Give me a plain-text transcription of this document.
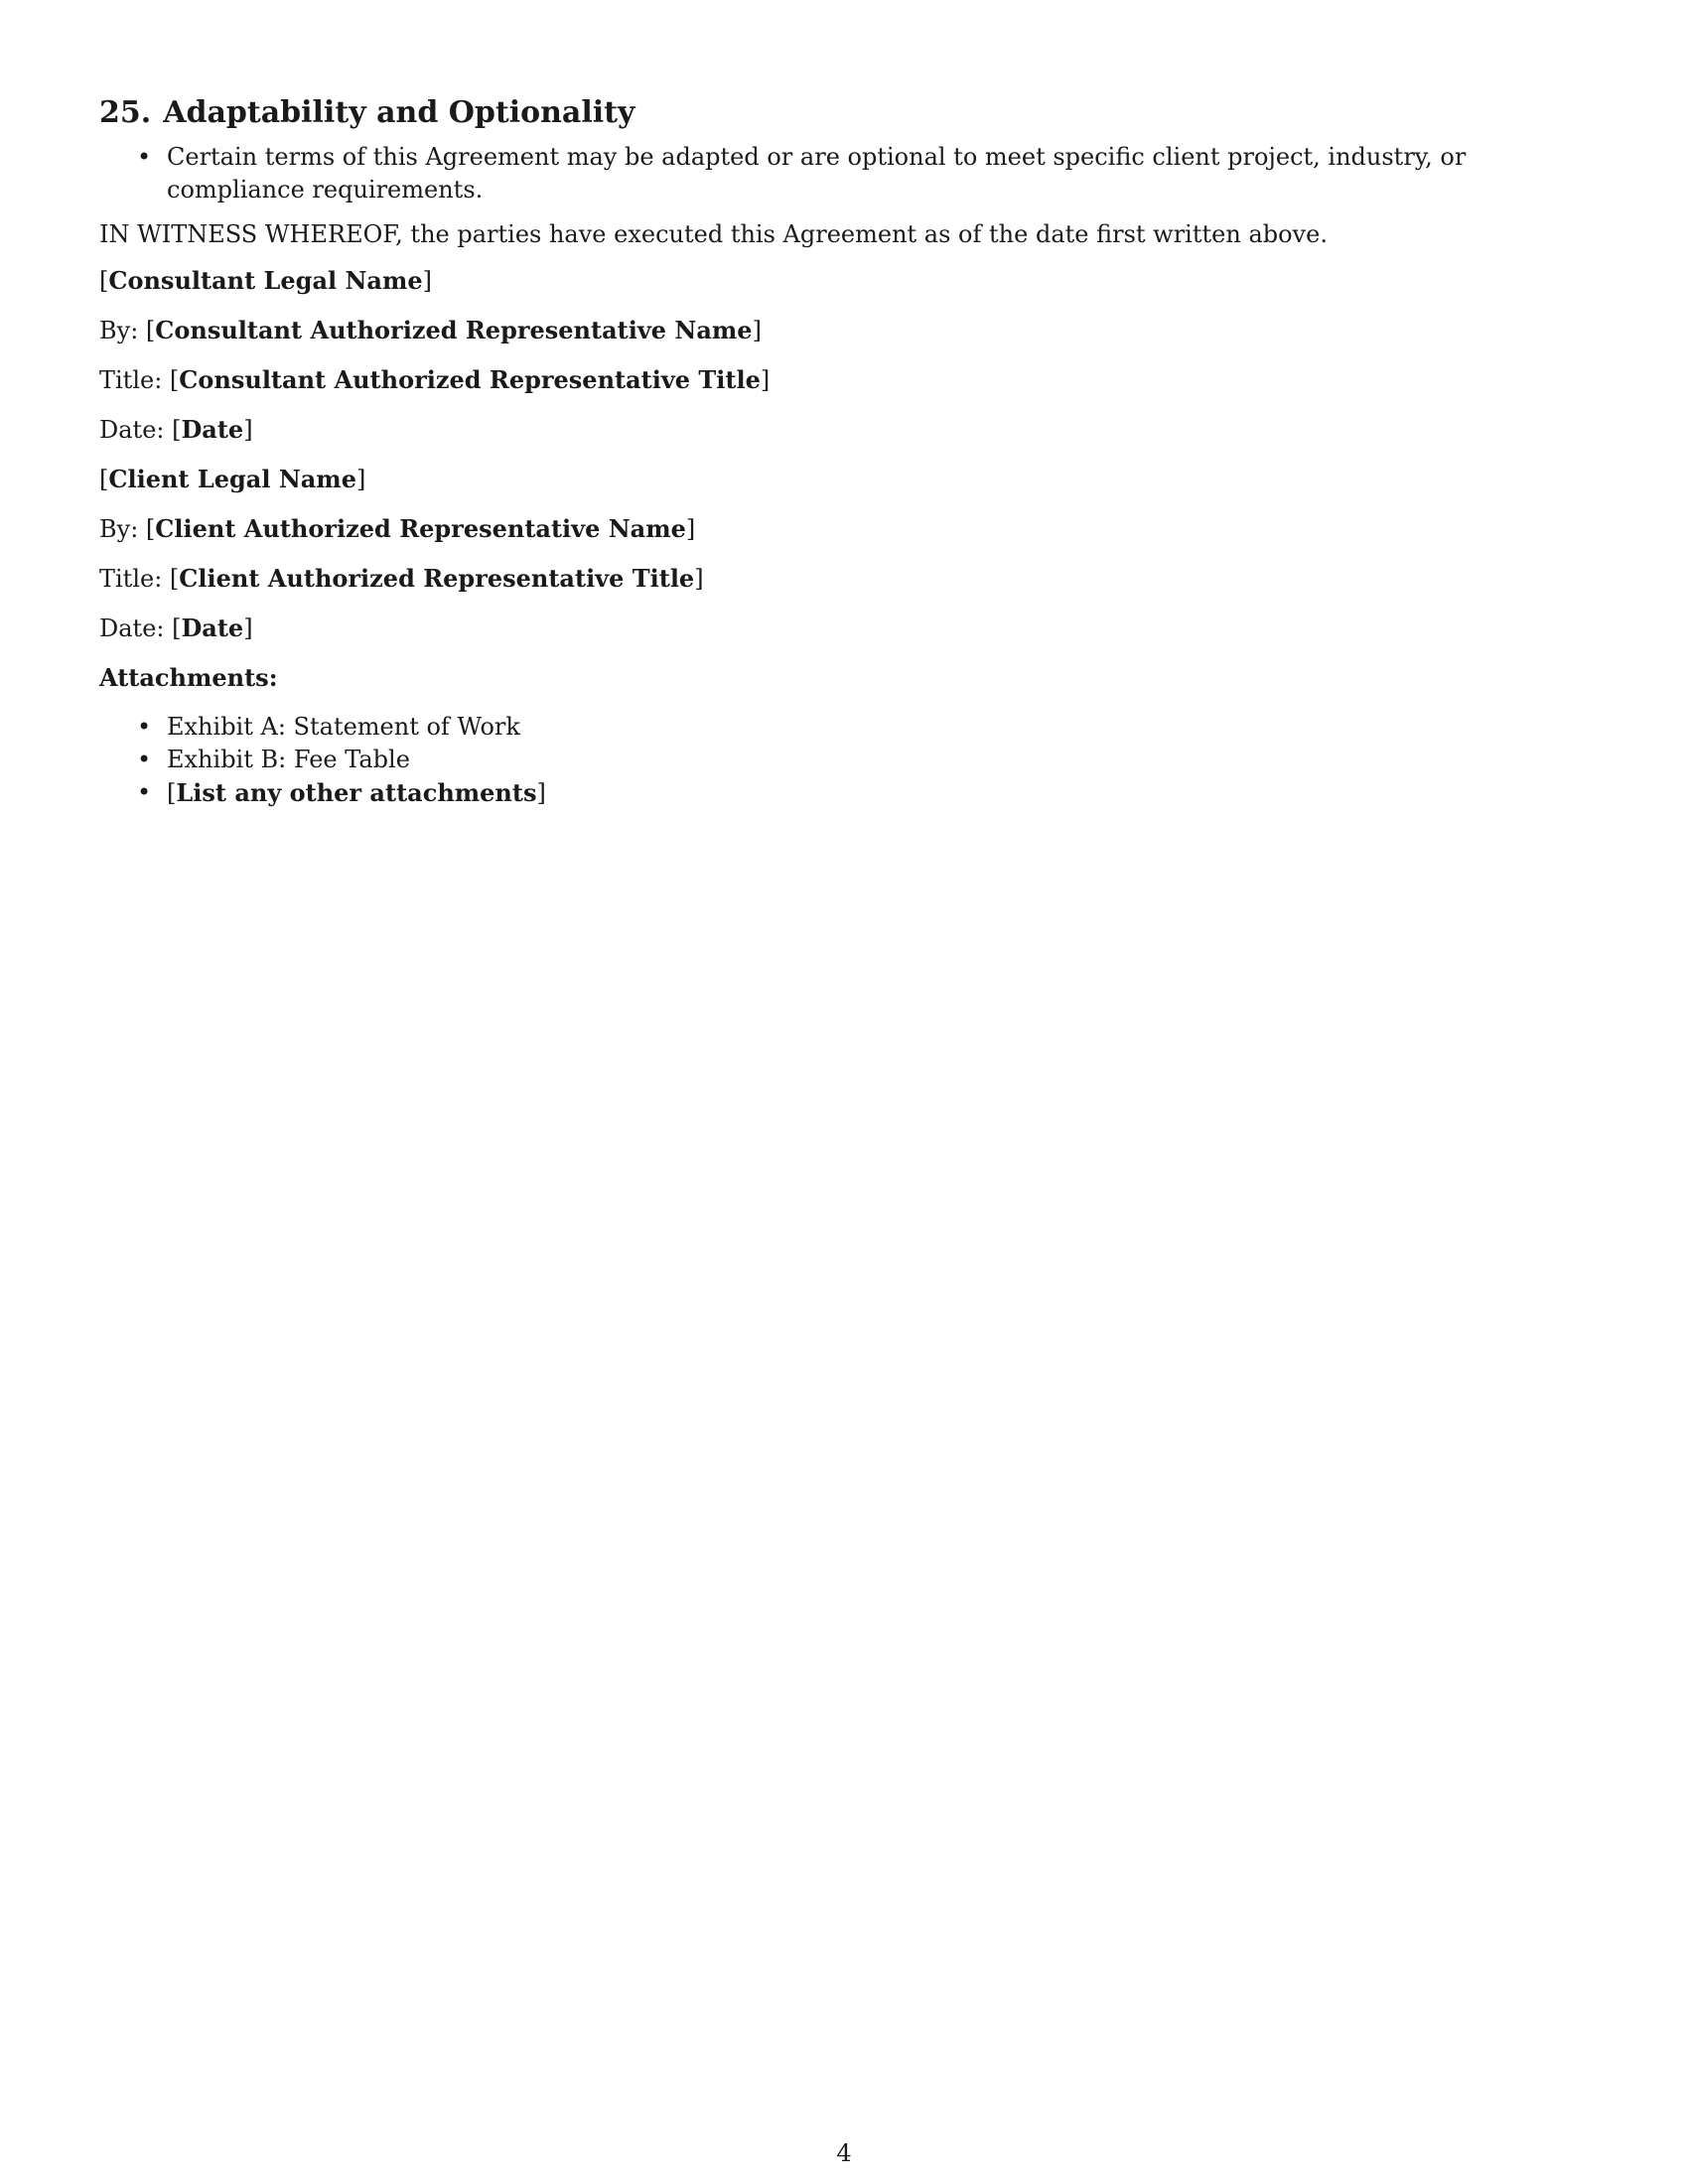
25. Adaptability and Optionality
• Certain terms of this Agreement may be adapted or are optional to meet specific client project, industry, or compliance requirements.

IN WITNESS WHEREOF, the parties have executed this Agreement as of the date first written above.

[Consultant Legal Name]

By: [Consultant Authorized Representative Name]

Title: [Consultant Authorized Representative Title]

Date: [Date]

[Client Legal Name]

By: [Client Authorized Representative Name]

Title: [Client Authorized Representative Title]

Date: [Date]

Attachments:

• Exhibit A: Statement of Work
• Exhibit B: Fee Table
• [List any other attachments]
4
